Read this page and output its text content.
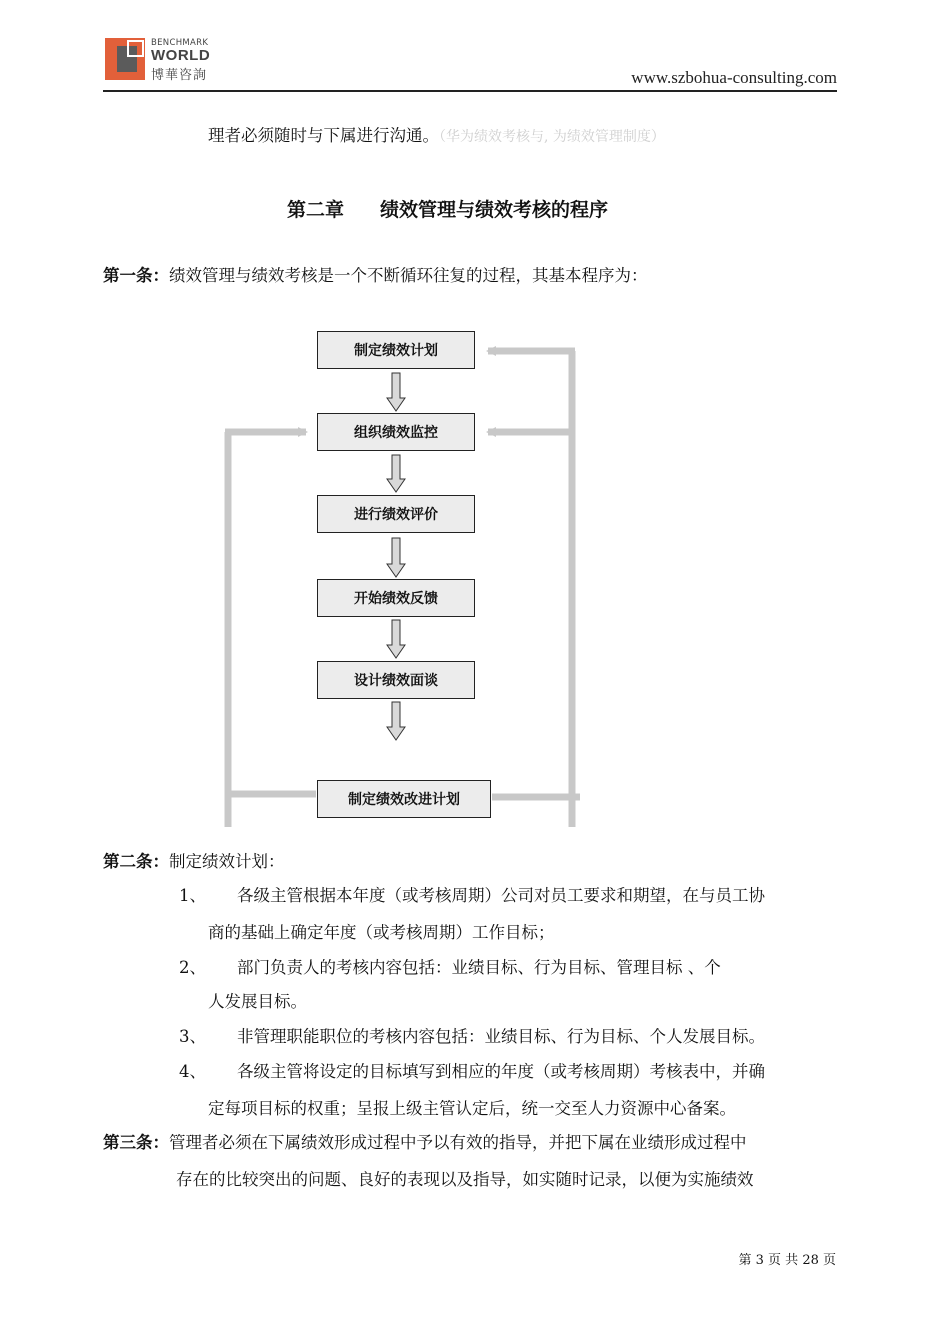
BENCHMARK
WORLD
博華咨詢	www.szbohua-consulting.com
理者必须随时与下属进行沟通。（华为绩效考核与, 为绩效管理制度）
第二章 绩效管理与绩效考核的程序
第一条：绩效管理与绩效考核是一个不断循环往复的过程，其基本程序为：
制定绩效计划
组织绩效监控
进行绩效评价
开始绩效反馈
设计绩效面谈
制定绩效改进计划
第二条：制定绩效计划：
1、 各级主管根据本年度（或考核周期）公司对员工要求和期望，在与员工协
商的基础上确定年度（或考核周期）工作目标；
2、 部门负责人的考核内容包括：业绩目标、行为目标、管理目标 、个
人发展目标。
3、 非管理职能职位的考核内容包括：业绩目标、行为目标、个人发展目标。
4、 各级主管将设定的目标填写到相应的年度（或考核周期）考核表中，并确
定每项目标的权重；呈报上级主管认定后，统一交至人力资源中心备案。
第三条：管理者必须在下属绩效形成过程中予以有效的指导，并把下属在业绩形成过程中
存在的比较突出的问题、良好的表现以及指导，如实随时记录，以便为实施绩效
第 3 页 共 28 页
